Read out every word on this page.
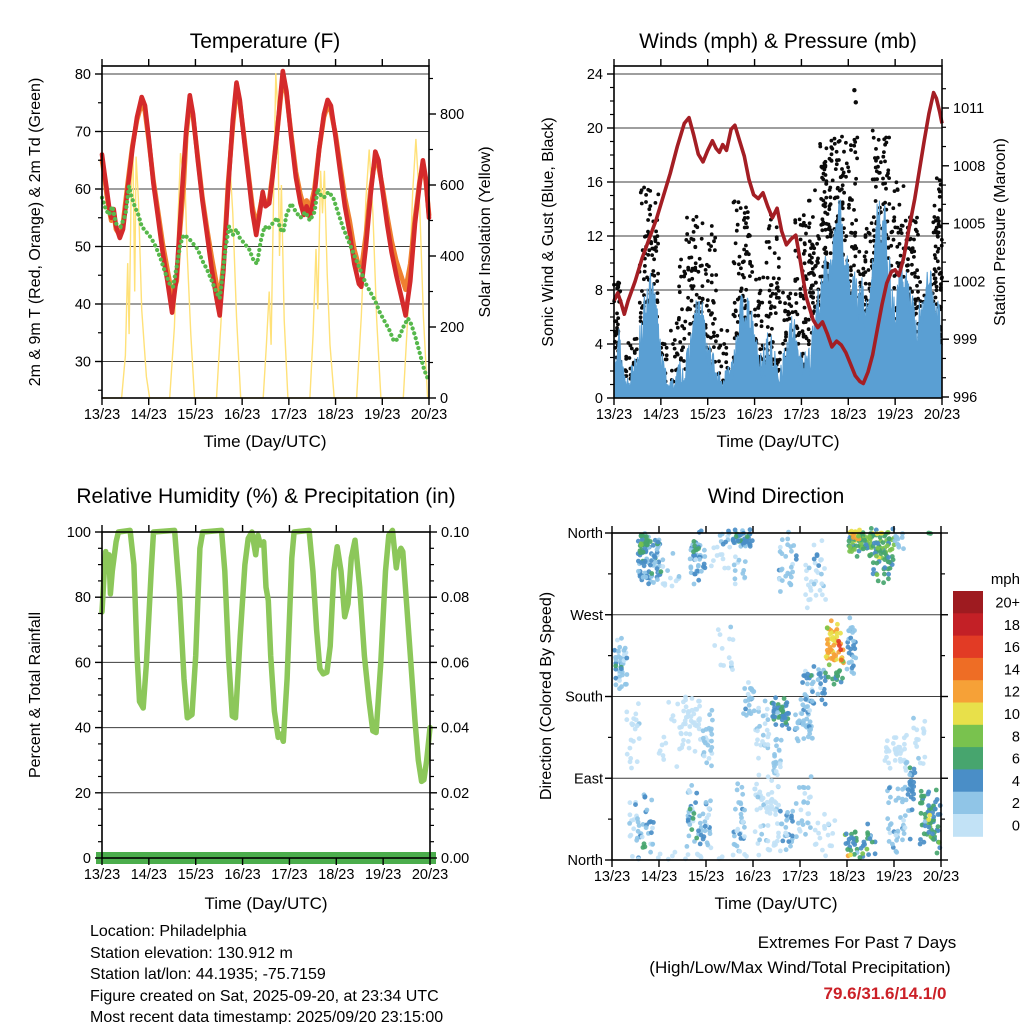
30
40
50
60
70
80
0
200
400
600
800
13/23 14/23 15/23 16/23 17/23 18/23 19/23 20/23
0
4
8
12
16
20
24
996
999
1002
1005
1008
1011
13/23 14/23 15/23 16/23 17/23 18/23 19/23 20/23
0	0.00
20	0.02
40	0.04
60	0.06
80	0.08
100	0.10
13/23 14/23 15/23 16/23 17/23 18/23 19/23 20/23
North
West
South
East
North
13/23 14/23 15/23 16/23 17/23 18/23 19/23 20/23
mph
20+
18
16
14
12
10
8
6
4
2
0
Temperature (F)	Winds (mph) & Pressure (mb)
Relative Humidity (%) & Precipitation (in)	Wind Direction
2m & 9m T (Red, Orange) & 2m Td (Green)	Solar Insolation (Yellow)	Sonic Wind & Gust (Blue, Black)	Station Pressure (Maroon)
Percent & Total Rainfall	Direction (Colored By Speed)
Time (Day/UTC)	Time (Day/UTC)
Time (Day/UTC)	Time (Day/UTC)
Location: Philadelphia
Station elevation: 130.912 m
Station lat/lon: 44.1935; -75.7159
Figure created on Sat, 2025-09-20, at 23:34 UTC
Most recent data timestamp: 2025/09/20 23:15:00
Extremes For Past 7 Days
(High/Low/Max Wind/Total Precipitation)
79.6/31.6/14.1/0
